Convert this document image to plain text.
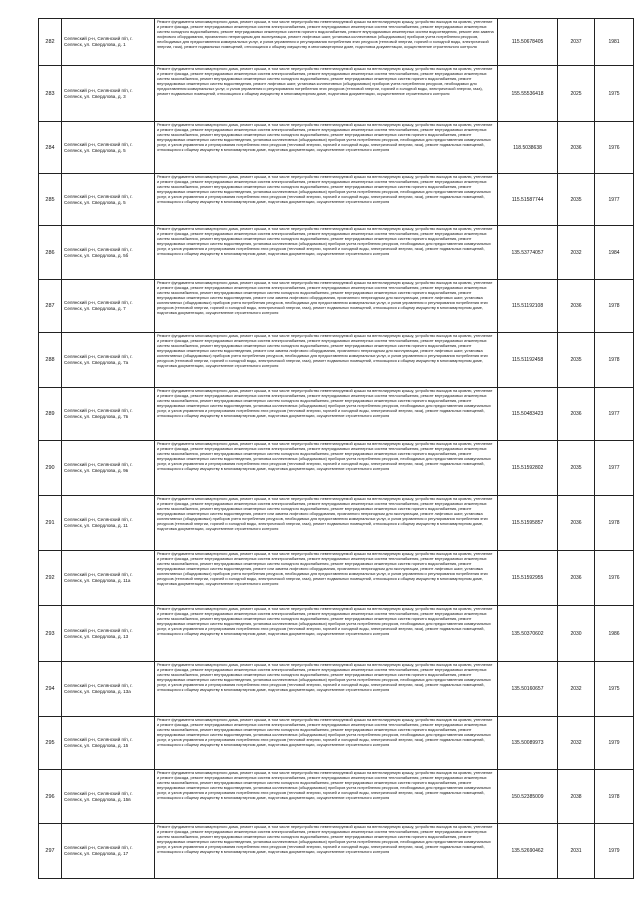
282	Селянский р-н, Селянский п/п, г. Селянск, ул. Свердлова, д. 1	Ремонт фундамента многоквартирного дома, ремонт крыши, в том числе переустройство невентилируемой крыши на вентилируемую крышу, устройство выходов на кровлю, утепление и ремонт фасада, ремонт внутридомовых инженерных систем электроснабжения, ремонт внутридомовых инженерных систем теплоснабжения, ремонт внутридомовых инженерных систем холодного водоснабжения, ремонт внутридомовых инженерных систем горячего водоснабжения, ремонт внутридомовых инженерных систем водоотведения, ремонт или замена лифтового оборудования, признанного непригодным для эксплуатации, ремонт лифтовых шахт, установка коллективных (общедомовых) приборов учета потребления ресурсов, необходимых для предоставления коммунальных услуг, и узлов управления и регулирования потребления этих ресурсов (тепловой энергии, горячей и холодной воды, электрической энергии, газа), ремонт подвальных помещений, относящихся к общему имуществу в многоквартирном доме, подготовка документации, осуществление строительного контроля	115.50678405	2037	1981
283	Селянский р-н, Селянский п/п, г. Селянск, ул. Свердлова, д. 3	Ремонт фундамента многоквартирного дома, ремонт крыши, в том числе переустройство невентилируемой крыши на вентилируемую крышу, устройство выходов на кровлю, утепление и ремонт фасада, ремонт внутридомовых инженерных систем электроснабжения, ремонт внутридомовых инженерных систем теплоснабжения, ремонт внутридомовых инженерных систем газоснабжения, ремонт внутридомовых инженерных систем холодного водоснабжения, ремонт внутридомовых инженерных систем горячего водоснабжения, ремонт внутридомовых инженерных систем водоотведения, ремонт лифтовых шахт, установка коллективных (общедомовых) приборов учета потребления ресурсов, необходимых для предоставления коммунальных услуг, и узлов управления и регулирования потребления этих ресурсов (тепловой энергии, горячей и холодной воды, электрической энергии, газа), ремонт подвальных помещений, относящихся к общему имуществу в многоквартирном доме, подготовка документации, осуществление строительного контроля	155.55536418	2025	1975
284	Селянский р-н, Селянский п/п, г. Селянск, ул. Свердлова, д. 5	Ремонт фундамента многоквартирного дома, ремонт крыши, в том числе переустройство невентилируемой крыши на вентилируемую крышу, устройство выходов на кровлю, утепление и ремонт фасада, ремонт внутридомовых инженерных систем электроснабжения, ремонт внутридомовых инженерных систем теплоснабжения, ремонт внутридомовых инженерных систем газоснабжения, ремонт внутридомовых инженерных систем холодного водоснабжения, ремонт внутридомовых инженерных систем горячего водоснабжения, ремонт внутридомовых инженерных систем водоотведения, установка коллективных (общедомовых) приборов учета потребления ресурсов, необходимых для предоставления коммунальных услуг, и узлов управления и регулирования потребления этих ресурсов (тепловой энергии, горячей и холодной воды, электрической энергии, газа), ремонт подвальных помещений, относящихся к общему имуществу в многоквартирном доме, подготовка документации, осуществление строительного контроля	118.5038638	2036	1976
285	Селянский р-н, Селянский п/п, г. Селянск, ул. Свердлова, д. 5	Ремонт фундамента многоквартирного дома, ремонт крыши, в том числе переустройство невентилируемой крыши на вентилируемую крышу, устройство выходов на кровлю, утепление и ремонт фасада, ремонт внутридомовых инженерных систем электроснабжения, ремонт внутридомовых инженерных систем теплоснабжения, ремонт внутридомовых инженерных систем газоснабжения, ремонт внутридомовых инженерных систем холодного водоснабжения, ремонт внутридомовых инженерных систем горячего водоснабжения, ремонт внутридомовых инженерных систем водоотведения, установка коллективных (общедомовых) приборов учета потребления ресурсов, необходимых для предоставления коммунальных услуг, и узлов управления и регулирования потребления этих ресурсов (тепловой энергии, горячей и холодной воды, электрической энергии, газа), ремонт подвальных помещений, относящихся к общему имуществу в многоквартирном доме, подготовка документации, осуществление строительного контроля	115.51587744	2035	1977
286	Селянский р-н, Селянский п/п, г. Селянск, ул. Свердлова, д. 5б	Ремонт фундамента многоквартирного дома, ремонт крыши, в том числе переустройство невентилируемой крыши на вентилируемую крышу, устройство выходов на кровлю, утепление и ремонт фасада, ремонт внутридомовых инженерных систем электроснабжения, ремонт внутридомовых инженерных систем теплоснабжения, ремонт внутридомовых инженерных систем газоснабжения, ремонт внутридомовых инженерных систем холодного водоснабжения, ремонт внутридомовых инженерных систем горячего водоснабжения, ремонт внутридомовых инженерных систем водоотведения, установка коллективных (общедомовых) приборов учета потребления ресурсов, необходимых для предоставления коммунальных услуг, и узлов управления и регулирования потребления этих ресурсов (тепловой энергии, горячей и холодной воды, электрической энергии, газа), ремонт подвальных помещений, относящихся к общему имуществу в многоквартирном доме, подготовка документации, осуществление строительного контроля	135.53774057	2032	1984
287	Селянский р-н, Селянский п/п, г. Селянск, ул. Свердлова, д. 7	Ремонт фундамента многоквартирного дома, ремонт крыши, в том числе переустройство невентилируемой крыши на вентилируемую крышу, устройство выходов на кровлю, утепление и ремонт фасада, ремонт внутридомовых инженерных систем электроснабжения, ремонт внутридомовых инженерных систем теплоснабжения, ремонт внутридомовых инженерных систем газоснабжения, ремонт внутридомовых инженерных систем холодного водоснабжения, ремонт внутридомовых инженерных систем горячего водоснабжения, ремонт внутридомовых инженерных систем водоотведения, ремонт или замена лифтового оборудования, признанного непригодным для эксплуатации, ремонт лифтовых шахт, установка коллективных (общедомовых) приборов учета потребления ресурсов, необходимых для предоставления коммунальных услуг, и узлов управления и регулирования потребления этих ресурсов (тепловой энергии, горячей и холодной воды, электрической энергии, газа), ремонт подвальных помещений, относящихся к общему имуществу в многоквартирном доме, подготовка документации, осуществление строительного контроля	115.51192108	2036	1978
288	Селянский р-н, Селянский п/п, г. Селянск, ул. Свердлова, д. 7а	Ремонт фундамента многоквартирного дома, ремонт крыши, в том числе переустройство невентилируемой крыши на вентилируемую крышу, устройство выходов на кровлю, утепление и ремонт фасада, ремонт внутридомовых инженерных систем электроснабжения, ремонт внутридомовых инженерных систем теплоснабжения, ремонт внутридомовых инженерных систем газоснабжения, ремонт внутридомовых инженерных систем холодного водоснабжения, ремонт внутридомовых инженерных систем горячего водоснабжения, ремонт внутридомовых инженерных систем водоотведения, ремонт или замена лифтового оборудования, признанного непригодным для эксплуатации, ремонт лифтовых шахт, установка коллективных (общедомовых) приборов учета потребления ресурсов, необходимых для предоставления коммунальных услуг, и узлов управления и регулирования потребления этих ресурсов (тепловой энергии, горячей и холодной воды, электрической энергии, газа), ремонт подвальных помещений, относящихся к общему имуществу в многоквартирном доме, подготовка документации, осуществление строительного контроля	115.51192458	2035	1978
289	Селянский р-н, Селянский п/п, г. Селянск, ул. Свердлова, д. 7в	Ремонт фундамента многоквартирного дома, ремонт крыши, в том числе переустройство невентилируемой крыши на вентилируемую крышу, устройство выходов на кровлю, утепление и ремонт фасада, ремонт внутридомовых инженерных систем электроснабжения, ремонт внутридомовых инженерных систем теплоснабжения, ремонт внутридомовых инженерных систем газоснабжения, ремонт внутридомовых инженерных систем холодного водоснабжения, ремонт внутридомовых инженерных систем горячего водоснабжения, ремонт внутридомовых инженерных систем водоотведения, установка коллективных (общедомовых) приборов учета потребления ресурсов, необходимых для предоставления коммунальных услуг, и узлов управления и регулирования потребления этих ресурсов (тепловой энергии, горячей и холодной воды, электрической энергии, газа), ремонт подвальных помещений, относящихся к общему имуществу в многоквартирном доме, подготовка документации, осуществление строительного контроля	115.50483423	2036	1977
290	Селянский р-н, Селянский п/п, г. Селянск, ул. Свердлова, д. 9в	Ремонт фундамента многоквартирного дома, ремонт крыши, в том числе переустройство невентилируемой крыши на вентилируемую крышу, устройство выходов на кровлю, утепление и ремонт фасада, ремонт внутридомовых инженерных систем электроснабжения, ремонт внутридомовых инженерных систем теплоснабжения, ремонт внутридомовых инженерных систем газоснабжения, ремонт внутридомовых инженерных систем холодного водоснабжения, ремонт внутридомовых инженерных систем горячего водоснабжения, ремонт внутридомовых инженерных систем водоотведения, установка коллективных (общедомовых) приборов учета потребления ресурсов, необходимых для предоставления коммунальных услуг, и узлов управления и регулирования потребления этих ресурсов (тепловой энергии, горячей и холодной воды, электрической энергии, газа), ремонт подвальных помещений, относящихся к общему имуществу в многоквартирном доме, подготовка документации, осуществление строительного контроля	115.51592802	2035	1977
291	Селянский р-н, Селянский п/п, г. Селянск, ул. Свердлова, д. 11	Ремонт фундамента многоквартирного дома, ремонт крыши, в том числе переустройство невентилируемой крыши на вентилируемую крышу, устройство выходов на кровлю, утепление и ремонт фасада, ремонт внутридомовых инженерных систем электроснабжения, ремонт внутридомовых инженерных систем теплоснабжения, ремонт внутридомовых инженерных систем газоснабжения, ремонт внутридомовых инженерных систем холодного водоснабжения, ремонт внутридомовых инженерных систем горячего водоснабжения, ремонт внутридомовых инженерных систем водоотведения, ремонт или замена лифтового оборудования, признанного непригодным для эксплуатации, ремонт лифтовых шахт, установка коллективных (общедомовых) приборов учета потребления ресурсов, необходимых для предоставления коммунальных услуг, и узлов управления и регулирования потребления этих ресурсов (тепловой энергии, горячей и холодной воды, электрической энергии, газа), ремонт подвальных помещений, относящихся к общему имуществу в многоквартирном доме, подготовка документации, осуществление строительного контроля	115.51595857	2036	1978
292	Селянский р-н, Селянский п/п, г. Селянск, ул. Свердлова, д. 11а	Ремонт фундамента многоквартирного дома, ремонт крыши, в том числе переустройство невентилируемой крыши на вентилируемую крышу, устройство выходов на кровлю, утепление и ремонт фасада, ремонт внутридомовых инженерных систем электроснабжения, ремонт внутридомовых инженерных систем теплоснабжения, ремонт внутридомовых инженерных систем газоснабжения, ремонт внутридомовых инженерных систем холодного водоснабжения, ремонт внутридомовых инженерных систем горячего водоснабжения, ремонт внутридомовых инженерных систем водоотведения, ремонт или замена лифтового оборудования, признанного непригодным для эксплуатации, ремонт лифтовых шахт, установка коллективных (общедомовых) приборов учета потребления ресурсов, необходимых для предоставления коммунальных услуг, и узлов управления и регулирования потребления этих ресурсов (тепловой энергии, горячей и холодной воды, электрической энергии, газа), ремонт подвальных помещений, относящихся к общему имуществу в многоквартирном доме, подготовка документации, осуществление строительного контроля	115.51592955	2036	1976
293	Селянский р-н, Селянский п/п, г. Селянск, ул. Свердлова, д. 13	Ремонт фундамента многоквартирного дома, ремонт крыши, в том числе переустройство невентилируемой крыши на вентилируемую крышу, устройство выходов на кровлю, утепление и ремонт фасада, ремонт внутридомовых инженерных систем электроснабжения, ремонт внутридомовых инженерных систем теплоснабжения, ремонт внутридомовых инженерных систем газоснабжения, ремонт внутридомовых инженерных систем холодного водоснабжения, ремонт внутридомовых инженерных систем горячего водоснабжения, ремонт внутридомовых инженерных систем водоотведения, установка коллективных (общедомовых) приборов учета потребления ресурсов, необходимых для предоставления коммунальных услуг, и узлов управления и регулирования потребления этих ресурсов (тепловой энергии, горячей и холодной воды, электрической энергии, газа), ремонт подвальных помещений, относящихся к общему имуществу в многоквартирном доме, подготовка документации, осуществление строительного контроля	135.50370602	2030	1986
294	Селянский р-н, Селянский п/п, г. Селянск, ул. Свердлова, д. 13а	Ремонт фундамента многоквартирного дома, ремонт крыши, в том числе переустройство невентилируемой крыши на вентилируемую крышу, устройство выходов на кровлю, утепление и ремонт фасада, ремонт внутридомовых инженерных систем электроснабжения, ремонт внутридомовых инженерных систем теплоснабжения, ремонт внутридомовых инженерных систем газоснабжения, ремонт внутридомовых инженерных систем холодного водоснабжения, ремонт внутридомовых инженерных систем горячего водоснабжения, ремонт внутридомовых инженерных систем водоотведения, установка коллективных (общедомовых) приборов учета потребления ресурсов, необходимых для предоставления коммунальных услуг, и узлов управления и регулирования потребления этих ресурсов (тепловой энергии, горячей и холодной воды, электрической энергии, газа), ремонт подвальных помещений, относящихся к общему имуществу в многоквартирном доме, подготовка документации, осуществление строительного контроля	135.50160657	2032	1975
295	Селянский р-н, Селянский п/п, г. Селянск, ул. Свердлова, д. 15	Ремонт фундамента многоквартирного дома, ремонт крыши, в том числе переустройство невентилируемой крыши на вентилируемую крышу, устройство выходов на кровлю, утепление и ремонт фасада, ремонт внутридомовых инженерных систем электроснабжения, ремонт внутридомовых инженерных систем теплоснабжения, ремонт внутридомовых инженерных систем газоснабжения, ремонт внутридомовых инженерных систем холодного водоснабжения, ремонт внутридомовых инженерных систем горячего водоснабжения, ремонт внутридомовых инженерных систем водоотведения, установка коллективных (общедомовых) приборов учета потребления ресурсов, необходимых для предоставления коммунальных услуг, и узлов управления и регулирования потребления этих ресурсов (тепловой энергии, горячей и холодной воды, электрической энергии, газа), ремонт подвальных помещений, относящихся к общему имуществу в многоквартирном доме, подготовка документации, осуществление строительного контроля	135.50089973	2032	1979
296	Селянский р-н, Селянский п/п, г. Селянск, ул. Свердлова, д. 15в	Ремонт фундамента многоквартирного дома, ремонт крыши, в том числе переустройство невентилируемой крыши на вентилируемую крышу, устройство выходов на кровлю, утепление и ремонт фасада, ремонт внутридомовых инженерных систем электроснабжения, ремонт внутридомовых инженерных систем теплоснабжения, ремонт внутридомовых инженерных систем газоснабжения, ремонт внутридомовых инженерных систем холодного водоснабжения, ремонт внутридомовых инженерных систем горячего водоснабжения, ремонт внутридомовых инженерных систем водоотведения, установка коллективных (общедомовых) приборов учета потребления ресурсов, необходимых для предоставления коммунальных услуг, и узлов управления и регулирования потребления этих ресурсов (тепловой энергии, горячей и холодной воды, электрической энергии, газа), ремонт подвальных помещений, относящихся к общему имуществу в многоквартирном доме, подготовка документации, осуществление строительного контроля	150.52385009	2038	1978
297	Селянский р-н, Селянский п/п, г. Селянск, ул. Свердлова, д. 17	Ремонт фундамента многоквартирного дома, ремонт крыши, в том числе переустройство невентилируемой крыши на вентилируемую крышу, устройство выходов на кровлю, утепление и ремонт фасада, ремонт внутридомовых инженерных систем электроснабжения, ремонт внутридомовых инженерных систем теплоснабжения, ремонт внутридомовых инженерных систем газоснабжения, ремонт внутридомовых инженерных систем холодного водоснабжения, ремонт внутридомовых инженерных систем горячего водоснабжения, ремонт внутридомовых инженерных систем водоотведения, установка коллективных (общедомовых) приборов учета потребления ресурсов, необходимых для предоставления коммунальных услуг, и узлов управления и регулирования потребления этих ресурсов (тепловой энергии, горячей и холодной воды, электрической энергии, газа), ремонт подвальных помещений, относящихся к общему имуществу в многоквартирном доме, подготовка документации, осуществление строительного контроля	135.52690462	2031	1979
